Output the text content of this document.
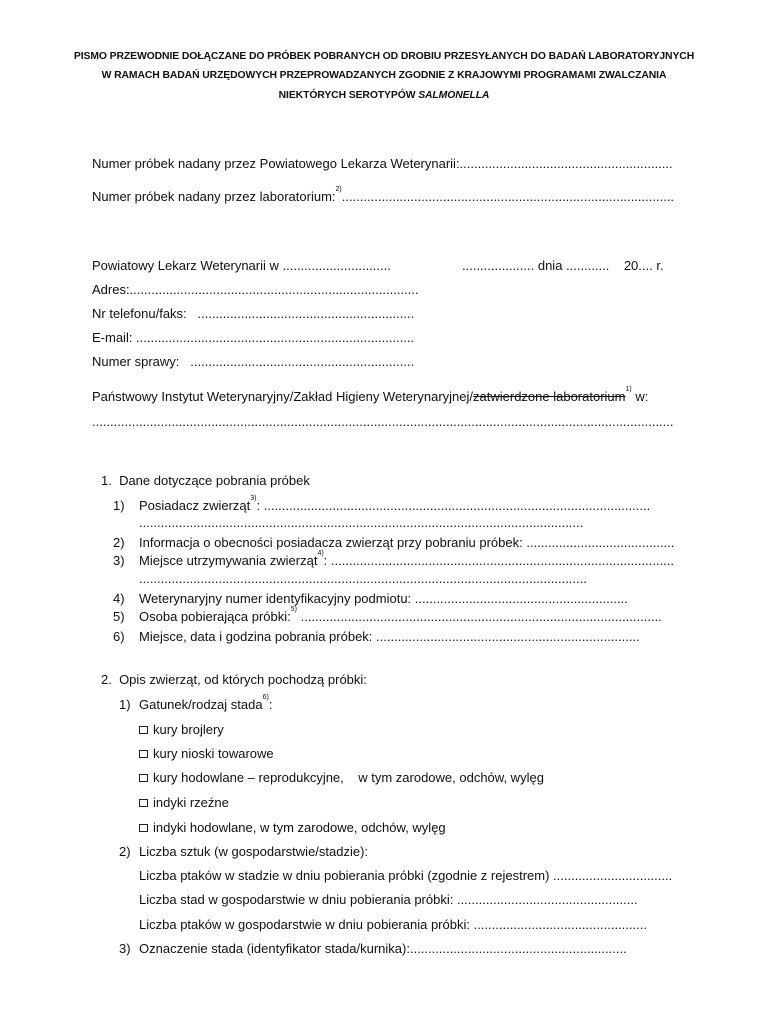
PISMO PRZEWODNIE DOŁĄCZANE DO PRÓBEK POBRANYCH OD DROBIU PRZESYŁANYCH DO BADAŃ LABORATORYJNYCH
W RAMACH BADAŃ URZĘDOWYCH PRZEPROWADZANYCH ZGODNIE Z KRAJOWYMI PROGRAMAMI ZWALCZANIA
NIEKTÓRYCH SEROTYPÓW SALMONELLA
Numer próbek nadany przez Powiatowego Lekarza Weterynarii:...........................................................
Numer próbek nadany przez laboratorium:$^{2)}$............................................................................................
Powiatowy Lekarz Weterynarii w ..............................	.................... dnia ............    20.... r.
Adres:................................................................................
Nr telefonu/faks:   ............................................................
E-mail: .............................................................................
Numer sprawy:   ..............................................................
Państwowy Instytut Weterynaryjny/Zakład Higieny Weterynaryjnej/zatwierdzone laboratorium$^{1)}$ w:
.................................................................................................................................................................
1.  Dane dotyczące pobrania próbek
1) Posiadacz zwierząt$^{3)}$: ...........................................................................................................
...........................................................................................................................
2) Informacja o obecności posiadacza zwierząt przy pobraniu próbek: .........................................
3) Miejsce utrzymywania zwierząt$^{4)}$: ...............................................................................................
............................................................................................................................
4) Weterynaryjny numer identyfikacyjny podmiotu: ...........................................................
5) Osoba pobierająca próbki:$^{5)}$ ....................................................................................................
6) Miejsce, data i godzina pobrania próbek: .........................................................................
2.  Opis zwierząt, od których pochodzą próbki:
1) Gatunek/rodzaj stada$^{6)}$:
kury brojlery
kury nioski towarowe
kury hodowlane – reprodukcyjne,    w tym zarodowe, odchów, wylęg
indyki rzeźne
indyki hodowlane, w tym zarodowe, odchów, wylęg
2) Liczba sztuk (w gospodarstwie/stadzie):
Liczba ptaków w stadzie w dniu pobierania próbki (zgodnie z rejestrem) .................................
Liczba stad w gospodarstwie w dniu pobierania próbki: ..................................................
Liczba ptaków w gospodarstwie w dniu pobierania próbki: ................................................
3) Oznaczenie stada (identyfikator stada/kurnika):............................................................
